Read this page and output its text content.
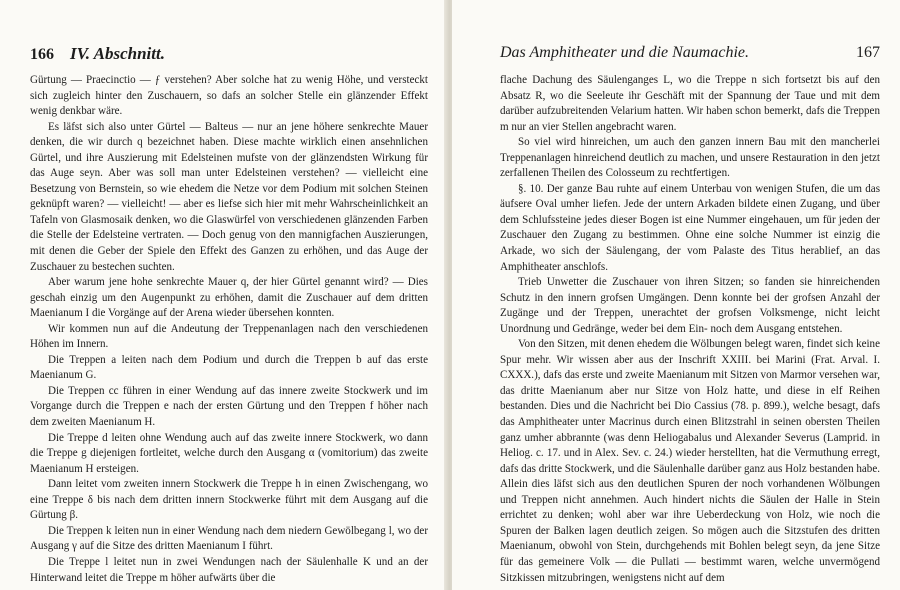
166 IV. Abschnitt.

Gürtung — Praecinctio — ƒ verstehen? Aber solche hat zu wenig Höhe, und versteckt sich zugleich hinter den Zuschauern, so dafs an solcher Stelle ein glänzender Effekt wenig denkbar wäre.

Es läfst sich also unter Gürtel — Balteus — nur an jene höhere senkrechte Mauer denken, die wir durch q bezeichnet haben. Diese machte wirklich einen ansehnlichen Gürtel, und ihre Auszierung mit Edelsteinen mufste von der glänzendsten Wirkung für das Auge seyn. Aber was soll man unter Edelsteinen verstehen? — vielleicht eine Besetzung von Bernstein, so wie ehedem die Netze vor dem Podium mit solchen Steinen geknüpft waren? — vielleicht! — aber es liefse sich hier mit mehr Wahrscheinlichkeit an Tafeln von Glasmosaik denken, wo die Glaswürfel von verschiedenen glänzenden Farben die Stelle der Edelsteine vertraten. — Doch genug von den mannigfachen Auszierungen, mit denen die Geber der Spiele den Effekt des Ganzen zu erhöhen, und das Auge der Zuschauer zu bestechen suchten.

Aber warum jene hohe senkrechte Mauer q, der hier Gürtel genannt wird? — Dies geschah einzig um den Augenpunkt zu erhöhen, damit die Zuschauer auf dem dritten Maenianum I die Vorgänge auf der Arena wieder übersehen konnten.

Wir kommen nun auf die Andeutung der Treppenanlagen nach den verschiedenen Höhen im Innern.

Die Treppen a leiten nach dem Podium und durch die Treppen b auf das erste Maenianum G.

Die Treppen cc führen in einer Wendung auf das innere zweite Stockwerk und im Vorgange durch die Treppen e nach der ersten Gürtung und den Treppen f höher nach dem zweiten Maenianum H.

Die Treppe d leiten ohne Wendung auch auf das zweite innere Stockwerk, wo dann die Treppe g diejenigen fortleitet, welche durch den Ausgang α (vomitorium) das zweite Maenianum H ersteigen.

Dann leitet vom zweiten innern Stockwerk die Treppe h in einen Zwischengang, wo eine Treppe δ bis nach dem dritten innern Stockwerke führt mit dem Ausgang auf die Gürtung β.

Die Treppen k leiten nun in einer Wendung nach dem niedern Gewölbegang l, wo der Ausgang γ auf die Sitze des dritten Maenianum I führt.

Die Treppe l leitet nun in zwei Wendungen nach der Säulenhalle K und an der Hinterwand leitet die Treppe m höher aufwärts über die

Das Amphitheater und die Naumachie.	167

flache Dachung des Säulenganges L, wo die Treppe n sich fortsetzt bis auf den Absatz R, wo die Seeleute ihr Geschäft mit der Spannung der Taue und mit dem darüber aufzubreitenden Velarium hatten. Wir haben schon bemerkt, dafs die Treppen m nur an vier Stellen angebracht waren.

So viel wird hinreichen, um auch den ganzen innern Bau mit den mancherlei Treppenanlagen hinreichend deutlich zu machen, und unsere Restauration in den jetzt zerfallenen Theilen des Colosseum zu rechtfertigen.

§. 10. Der ganze Bau ruhte auf einem Unterbau von wenigen Stufen, die um das äufsere Oval umher liefen. Jede der untern Arkaden bildete einen Zugang, und über dem Schlufssteine jedes dieser Bogen ist eine Nummer eingehauen, um für jeden der Zuschauer den Zugang zu bestimmen. Ohne eine solche Nummer ist einzig die Arkade, wo sich der Säulengang, der vom Palaste des Titus herablief, an das Amphitheater anschlofs.

Trieb Unwetter die Zuschauer von ihren Sitzen; so fanden sie hinreichenden Schutz in den innern grofsen Umgängen. Denn konnte bei der grofsen Anzahl der Zugänge und der Treppen, unerachtet der grofsen Volksmenge, nicht leicht Unordnung und Gedränge, weder bei dem Ein- noch dem Ausgang entstehen.

Von den Sitzen, mit denen ehedem die Wölbungen belegt waren, findet sich keine Spur mehr. Wir wissen aber aus der Inschrift XXIII. bei Marini (Frat. Arval. I. CXXX.), dafs das erste und zweite Maenianum mit Sitzen von Marmor versehen war, das dritte Maenianum aber nur Sitze von Holz hatte, und diese in elf Reihen bestanden. Dies und die Nachricht bei Dio Cassius (78. p. 899.), welche besagt, dafs das Amphitheater unter Macrinus durch einen Blitzstrahl in seinen obersten Theilen ganz umher abbrannte (was denn Heliogabalus und Alexander Severus (Lamprid. in Heliog. c. 17. und in Alex. Sev. c. 24.) wieder herstellten, hat die Vermuthung erregt, dafs das dritte Stockwerk, und die Säulenhalle darüber ganz aus Holz bestanden habe. Allein dies läfst sich aus den deutlichen Spuren der noch vorhandenen Wölbungen und Treppen nicht annehmen. Auch hindert nichts die Säulen der Halle in Stein errichtet zu denken; wohl aber war ihre Ueberdeckung von Holz, wie noch die Spuren der Balken lagen deutlich zeigen. So mögen auch die Sitzstufen des dritten Maenianum, obwohl von Stein, durchgehends mit Bohlen belegt seyn, da jene Sitze für das gemeinere Volk — die Pullati — bestimmt waren, welche unvermögend Sitzkissen mitzubringen, wenigstens nicht auf dem
